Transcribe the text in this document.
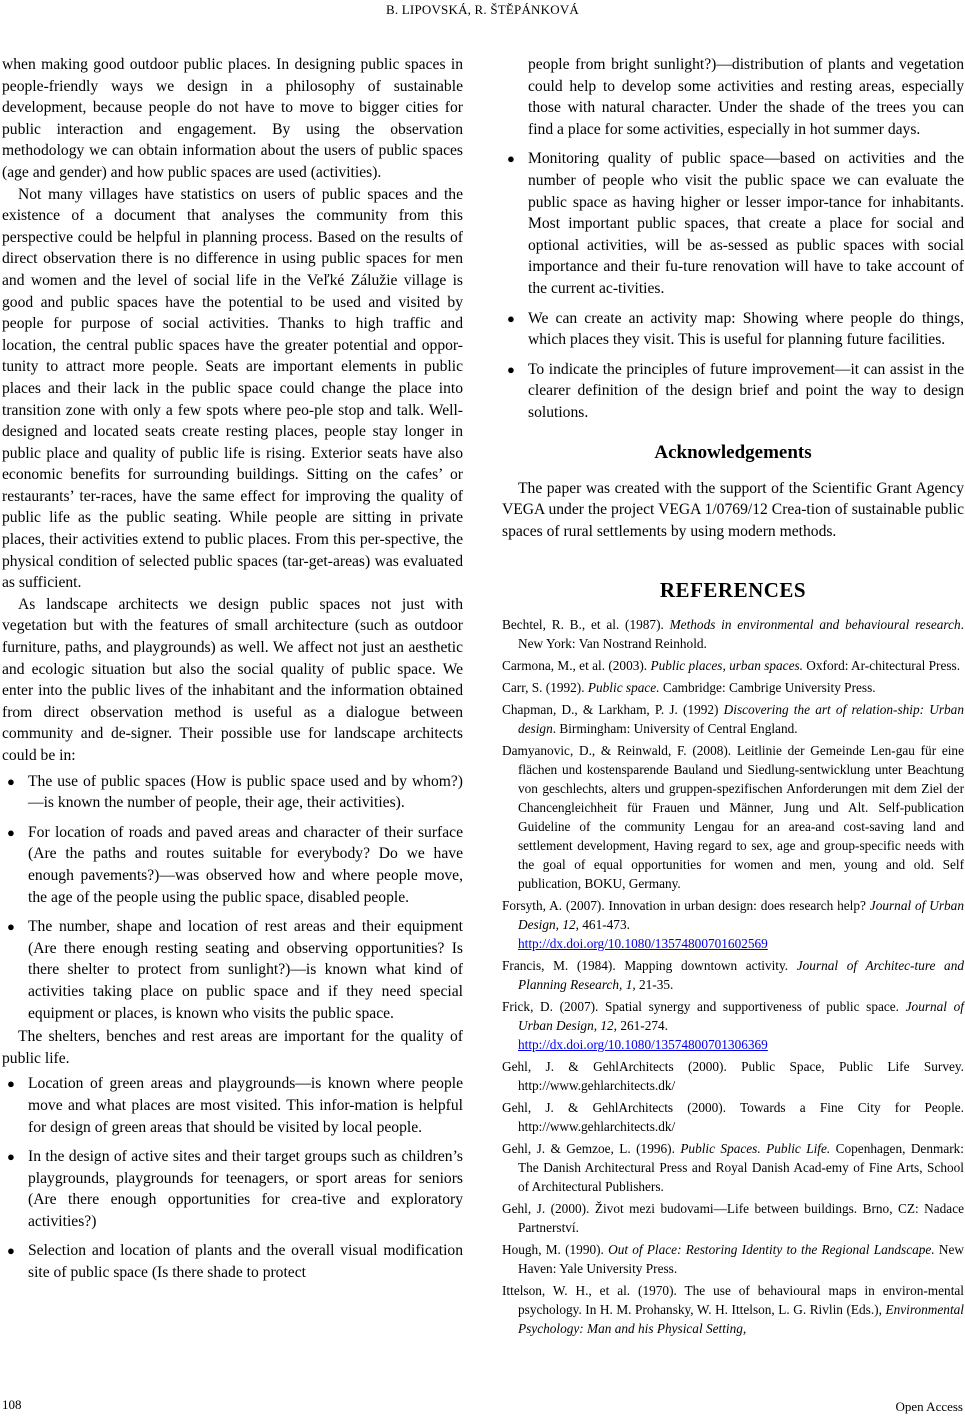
B. LIPOVSKÁ, R. ŠTĚPÁNKOVÁ

when making good outdoor public places. In designing public spaces in people-friendly ways we design in a philosophy of sustainable development, because people do not have to move to bigger cities for public interaction and engagement. By using the observation methodology we can obtain information about the users of public spaces (age and gender) and how public spaces are used (activities).

Not many villages have statistics on users of public spaces and the existence of a document that analyses the community from this perspective could be helpful in planning process. Based on the results of direct observation there is no difference in using public spaces for men and women and the level of social life in the Veľké Zálužie village is good and public spaces have the potential to be used and visited by people for purpose of social activities. Thanks to high traffic and location, the central public spaces have the greater potential and oppor-tunity to attract more people. Seats are important elements in public places and their lack in the public space could change the place into transition zone with only a few spots where peo-ple stop and talk. Well-designed and located seats create resting places, people stay longer in public place and quality of public life is rising. Exterior seats have also economic benefits for surrounding buildings. Sitting on the cafes’ or restaurants’ ter-races, have the same effect for improving the quality of public life as the public seating. While people are sitting in private places, their activities extend to public places. From this per-spective, the physical condition of selected public spaces (tar-get-areas) was evaluated as sufficient.

As landscape architects we design public spaces not just with vegetation but with the features of small architecture (such as outdoor furniture, paths, and playgrounds) as well. We affect not just an aesthetic and ecologic situation but also the social quality of public space. We enter into the public lives of the inhabitant and the information obtained from direct observation method is useful as a dialogue between community and de-signer. Their possible use for landscape architects could be in:

● The use of public spaces (How is public space used and by whom?)—is known the number of people, their age, their activities).
● For location of roads and paved areas and character of their surface (Are the paths and routes suitable for everybody? Do we have enough pavements?)—was observed how and where people move, the age of the people using the public space, disabled people.
● The number, shape and location of rest areas and their equipment (Are there enough resting seating and observing opportunities? Is there shelter to protect from sunlight?)—is known what kind of activities taking place on public space and if they need special equipment or places, is known who visits the public space.

The shelters, benches and rest areas are important for the quality of public life.

● Location of green areas and playgrounds—is known where people move and what places are most visited. This infor-mation is helpful for design of green areas that should be visited by local people.
● In the design of active sites and their target groups such as children’s playgrounds, playgrounds for teenagers, or sport areas for seniors (Are there enough opportunities for crea-tive and exploratory activities?)
● Selection and location of plants and the overall visual modification site of public space (Is there shade to protect
people from bright sunlight?)—distribution of plants and vegetation could help to develop some activities and resting areas, especially those with natural character. Under the shade of the trees you can find a place for some activities, especially in hot summer days.
● Monitoring quality of public space—based on activities and the number of people who visit the public space we can evaluate the public space as having higher or lesser impor-tance for inhabitants. Most important public spaces, that create a place for social and optional activities, will be as-sessed as public spaces with social importance and their fu-ture renovation will have to take account of the current ac-tivities.
● We can create an activity map: Showing where people do things, which places they visit. This is useful for planning future facilities.
● To indicate the principles of future improvement—it can assist in the clearer definition of the design brief and point the way to design solutions.
Acknowledgements

The paper was created with the support of the Scientific Grant Agency VEGA under the project VEGA 1/0769/12 Crea-tion of sustainable public spaces of rural settlements by using modern methods.

REFERENCES
Bechtel, R. B., et al. (1987). Methods in environmental and behavioural research. New York: Van Nostrand Reinhold.
Carmona, M., et al. (2003). Public places, urban spaces. Oxford: Ar-chitectural Press.
Carr, S. (1992). Public space. Cambridge: Cambrige University Press.
Chapman, D., & Larkham, P. J. (1992) Discovering the art of relation-ship: Urban design. Birmingham: University of Central England.
Damyanovic, D., & Reinwald, F. (2008). Leitlinie der Gemeinde Len-gau für eine flächen und kostensparende Bauland und Siedlung-sentwicklung unter Beachtung von geschlechts, alters und gruppen-spezifischen Anforderungen mit dem Ziel der Chancengleichheit für Frauen und Männer, Jung und Alt. Self-publication Guideline of the community Lengau for an area-and cost-saving land and settlement development, Having regard to sex, age and group-specific needs with the goal of equal opportunities for women and men, young and old. Self publication, BOKU, Germany.
Forsyth, A. (2007). Innovation in urban design: does research help? Journal of Urban Design, 12, 461-473.
http://dx.doi.org/10.1080/13574800701602569
Francis, M. (1984). Mapping downtown activity. Journal of Architec-ture and Planning Research, 1, 21-35.
Frick, D. (2007). Spatial synergy and supportiveness of public space. Journal of Urban Design, 12, 261-274.
http://dx.doi.org/10.1080/13574800701306369
Gehl, J. & GehlArchitects (2000). Public Space, Public Life Survey. http://www.gehlarchitects.dk/
Gehl, J. & GehlArchitects (2000). Towards a Fine City for People. http://www.gehlarchitects.dk/
Gehl, J. & Gemzoe, L. (1996). Public Spaces. Public Life. Copenhagen, Denmark: The Danish Architectural Press and Royal Danish Acad-emy of Fine Arts, School of Architectural Publishers.
Gehl, J. (2000). Život mezi budovami—Life between buildings. Brno, CZ: Nadace Partnerství.
Hough, M. (1990). Out of Place: Restoring Identity to the Regional Landscape. New Haven: Yale University Press.
Ittelson, W. H., et al. (1970). The use of behavioural maps in environ-mental psychology. In H. M. Prohansky, W. H. Ittelson, L. G. Rivlin (Eds.), Environmental Psychology: Man and his Physical Setting,
108	Open Access
